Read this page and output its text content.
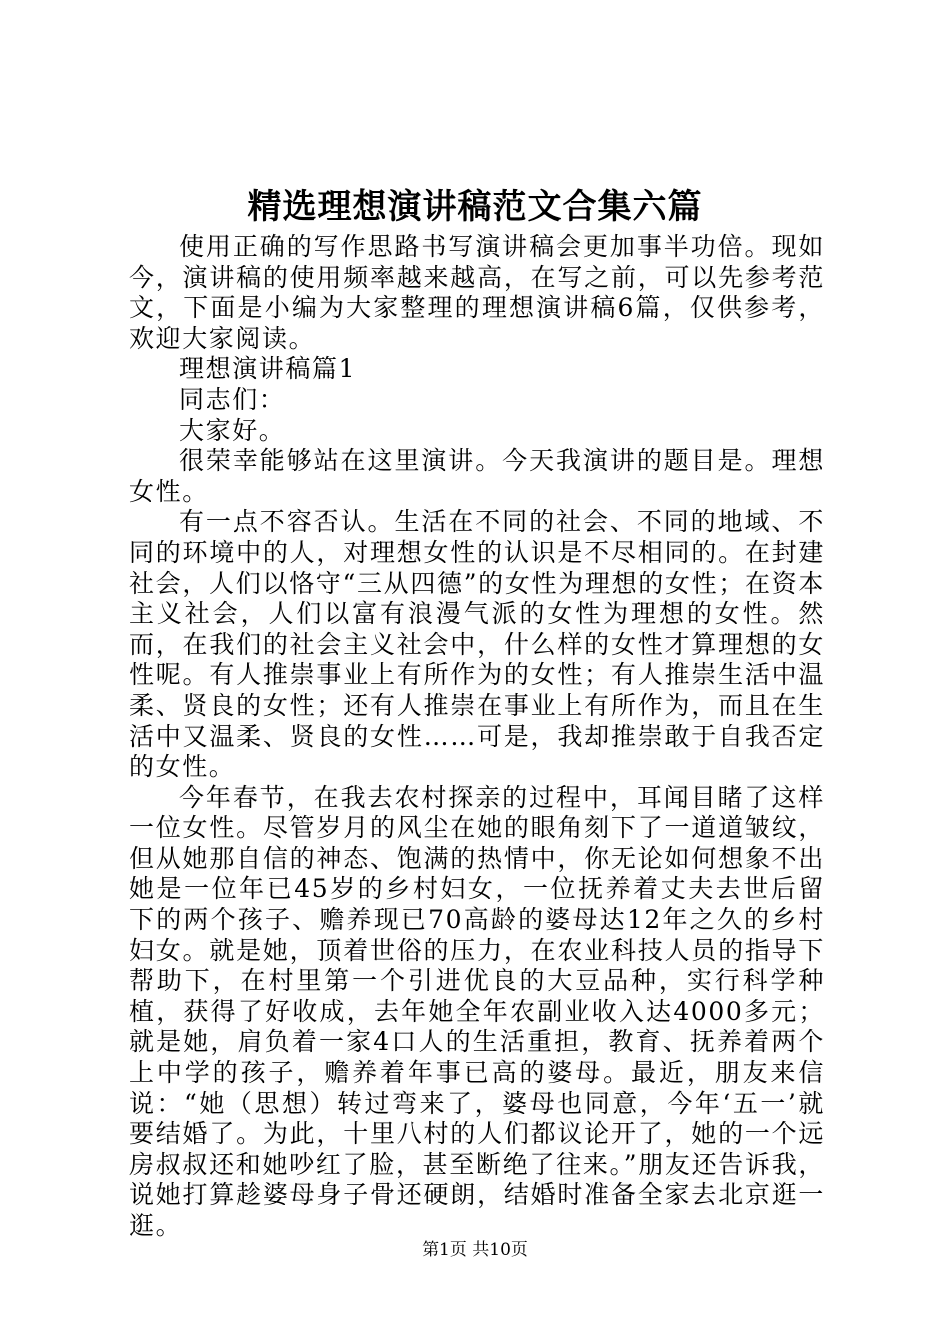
精选理想演讲稿范文合集六篇

使用正确的写作思路书写演讲稿会更加事半功倍。现如今，演讲稿的使用频率越来越高，在写之前，可以先参考范文，下面是小编为大家整理的理想演讲稿6篇，仅供参考，欢迎大家阅读。

理想演讲稿篇1

同志们：

大家好。

很荣幸能够站在这里演讲。今天我演讲的题目是。理想女性。

有一点不容否认。生活在不同的社会、不同的地域、不同的环境中的人，对理想女性的认识是不尽相同的。在封建社会，人们以恪守“三从四德”的女性为理想的女性；在资本主义社会，人们以富有浪漫气派的女性为理想的女性。然而，在我们的社会主义社会中，什么样的女性才算理想的女性呢。有人推崇事业上有所作为的女性；有人推崇生活中温柔、贤良的女性；还有人推崇在事业上有所作为，而且在生活中又温柔、贤良的女性……可是，我却推崇敢于自我否定的女性。

今年春节，在我去农村探亲的过程中，耳闻目睹了这样一位女性。尽管岁月的风尘在她的眼角刻下了一道道皱纹，但从她那自信的神态、饱满的热情中，你无论如何想象不出她是一位年已45岁的乡村妇女，一位抚养着丈夫去世后留下的两个孩子、赡养现已70高龄的婆母达12年之久的乡村妇女。就是她，顶着世俗的压力，在农业科技人员的指导下帮助下，在村里第一个引进优良的大豆品种，实行科学种植，获得了好收成，去年她全年农副业收入达4000多元；就是她，肩负着一家4口人的生活重担，教育、抚养着两个上中学的孩子，赡养着年事已高的婆母。最近，朋友来信说：“她（思想）转过弯来了，婆母也同意，今年‘五一’就要结婚了。为此，十里八村的人们都议论开了，她的一个远房叔叔还和她吵红了脸，甚至断绝了往来。”朋友还告诉我，说她打算趁婆母身子骨还硬朗，结婚时准备全家去北京逛一逛。

第1页 共10页
